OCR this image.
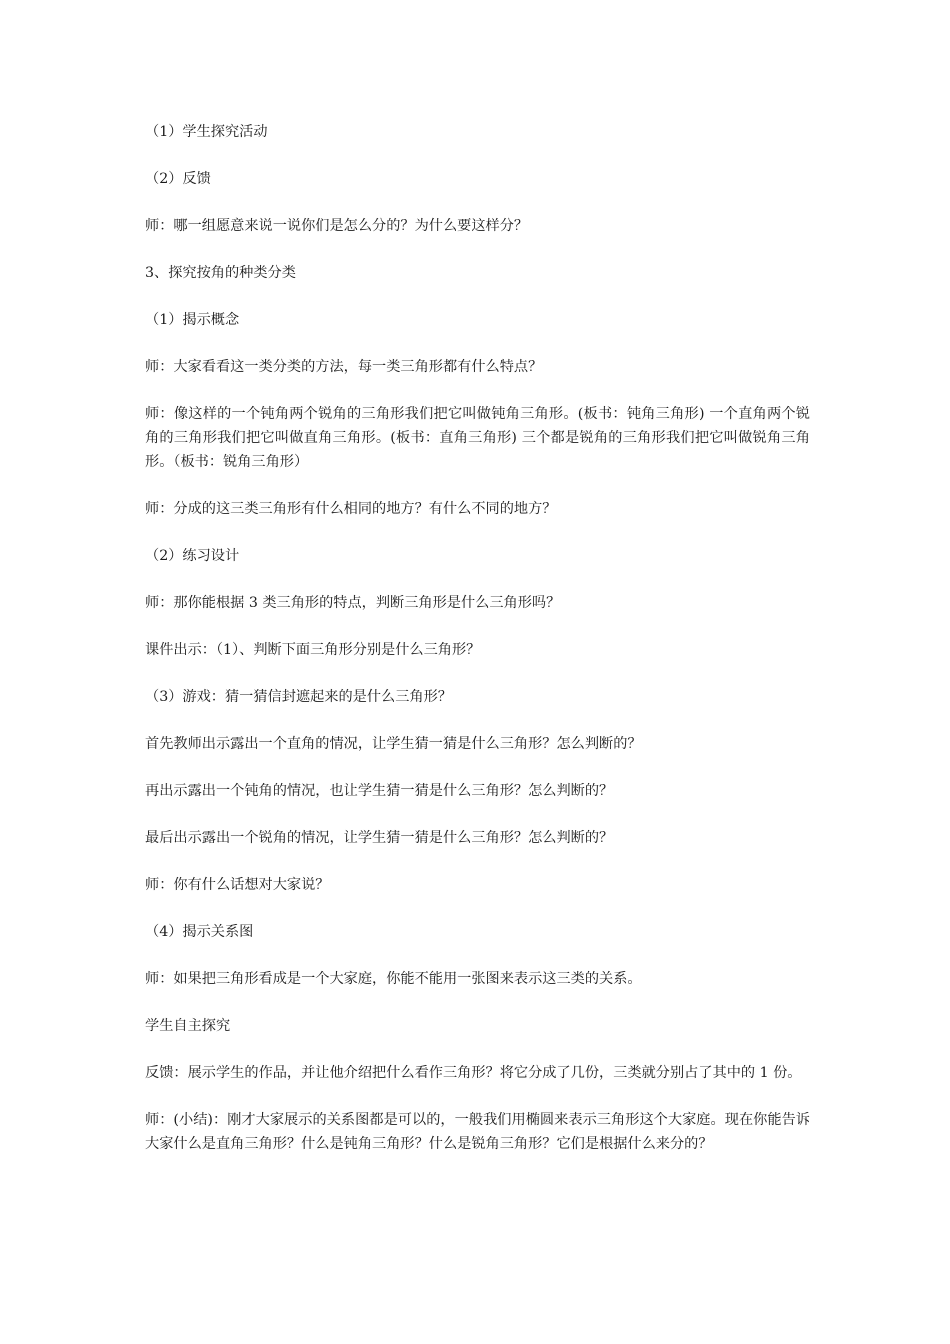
（1）学生探究活动

（2）反馈

师：哪一组愿意来说一说你们是怎么分的？为什么要这样分？

3、探究按角的种类分类

（1）揭示概念

师：大家看看这一类分类的方法，每一类三角形都有什么特点？

师：像这样的一个钝角两个锐角的三角形我们把它叫做钝角三角形。(板书：钝角三角形) 一个直角两个锐角的三角形我们把它叫做直角三角形。(板书：直角三角形) 三个都是锐角的三角形我们把它叫做锐角三角形。（板书：锐角三角形）

师：分成的这三类三角形有什么相同的地方？有什么不同的地方？

（2）练习设计

师：那你能根据 3 类三角形的特点，判断三角形是什么三角形吗？

课件出示：（1）、判断下面三角形分别是什么三角形？

（3）游戏：猜一猜信封遮起来的是什么三角形？

首先教师出示露出一个直角的情况，让学生猜一猜是什么三角形？怎么判断的？

再出示露出一个钝角的情况，也让学生猜一猜是什么三角形？怎么判断的？

最后出示露出一个锐角的情况，让学生猜一猜是什么三角形？怎么判断的？

师：你有什么话想对大家说？

（4）揭示关系图

师：如果把三角形看成是一个大家庭，你能不能用一张图来表示这三类的关系。

学生自主探究

反馈：展示学生的作品，并让他介绍把什么看作三角形？将它分成了几份，三类就分别占了其中的 1 份。

师：(小结)：刚才大家展示的关系图都是可以的，一般我们用椭圆来表示三角形这个大家庭。现在你能告诉大家什么是直角三角形？什么是钝角三角形？什么是锐角三角形？它们是根据什么来分的？
